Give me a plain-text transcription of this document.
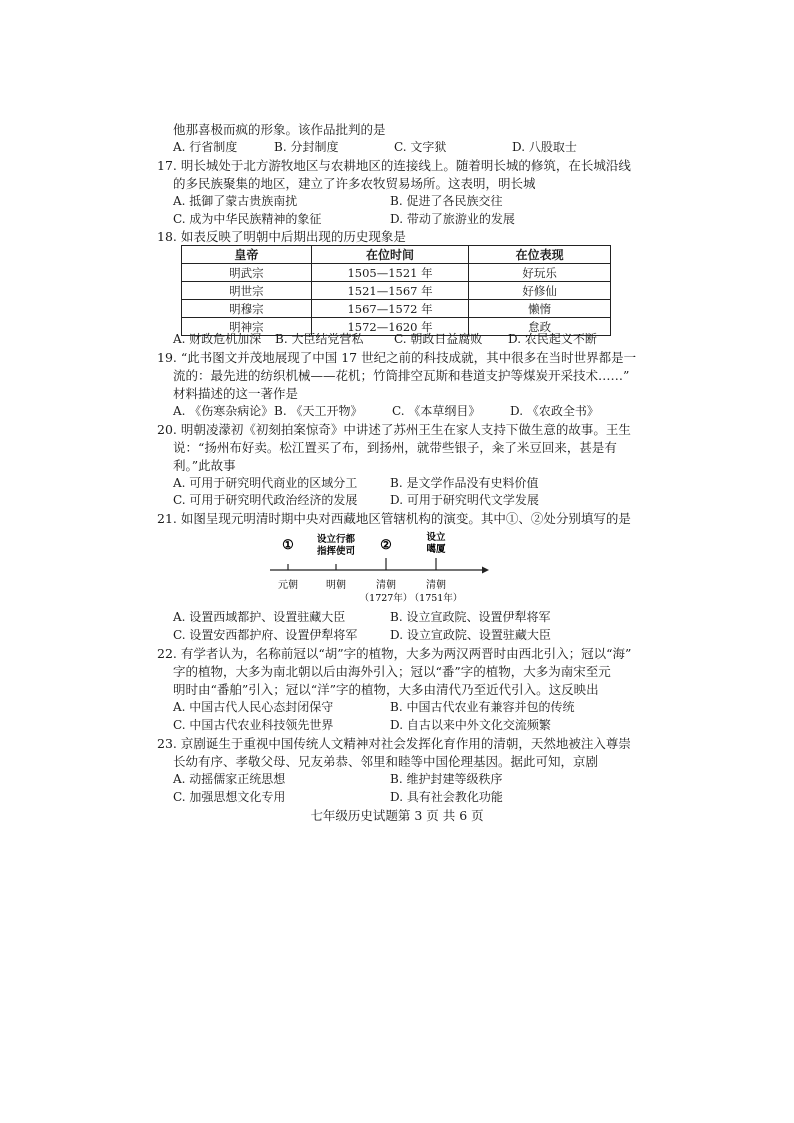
他那喜极而疯的形象。该作品批判的是
A. 行省制度	B. 分封制度	C. 文字狱	D. 八股取士
17. 明长城处于北方游牧地区与农耕地区的连接线上。随着明长城的修筑，在长城沿线
的多民族聚集的地区，建立了许多农牧贸易场所。这表明，明长城
A. 抵御了蒙古贵族南扰	B. 促进了各民族交往
C. 成为中华民族精神的象征	D. 带动了旅游业的发展
18. 如表反映了明朝中后期出现的历史现象是
皇帝	在位时间	在位表现
明武宗	1505—1521 年	好玩乐
明世宗	1521—1567 年	好修仙
明穆宗	1567—1572 年	懒惰
明神宗	1572—1620 年	怠政
A. 财政危机加深 B. 大臣结党营私	C. 朝政日益腐败 D. 农民起义不断
19. “此书图文并茂地展现了中国 17 世纪之前的科技成就，其中很多在当时世界都是一
流的：最先进的纺织机械——花机；竹筒排空瓦斯和巷道支护等煤炭开采技术……”
材料描述的这一著作是
A. 《伤寒杂病论》 B. 《天工开物》 C. 《本草纲目》 D. 《农政全书》
20. 明朝凌濛初《初刻拍案惊奇》中讲述了苏州王生在家人支持下做生意的故事。王生
说：“扬州布好卖。松江置买了布，到扬州，就带些银子，籴了米豆回来，甚是有
利。”此故事
A. 可用于研究明代商业的区域分工	B. 是文学作品没有史料价值
C. 可用于研究明代政治经济的发展	D. 可用于研究明代文学发展
21. 如图呈现元明清时期中央对西藏地区管辖机构的演变。其中①、②处分别填写的是
① 设立行都
指挥使司 ②
设立
噶厦
元朝	明朝	清朝
（1727年）
清朝
（1751年）
A. 设置西域都护、设置驻藏大臣	B. 设立宣政院、设置伊犁将军
C. 设置安西都护府、设置伊犁将军	D. 设立宣政院、设置驻藏大臣
22. 有学者认为，名称前冠以“胡”字的植物，大多为两汉两晋时由西北引入；冠以“海”
字的植物，大多为南北朝以后由海外引入；冠以“番”字的植物，大多为南宋至元
明时由“番舶”引入；冠以“洋”字的植物，大多由清代乃至近代引入。这反映出
A. 中国古代人民心态封闭保守	B. 中国古代农业有兼容并包的传统
C. 中国古代农业科技领先世界	D. 自古以来中外文化交流频繁
23. 京剧诞生于重视中国传统人文精神对社会发挥化育作用的清朝，天然地被注入尊崇
长幼有序、孝敬父母、兄友弟恭、邻里和睦等中国伦理基因。据此可知，京剧
A. 动摇儒家正统思想	B. 维护封建等级秩序
C. 加强思想文化专用	D. 具有社会教化功能
七年级历史试题第 3 页 共 6 页
